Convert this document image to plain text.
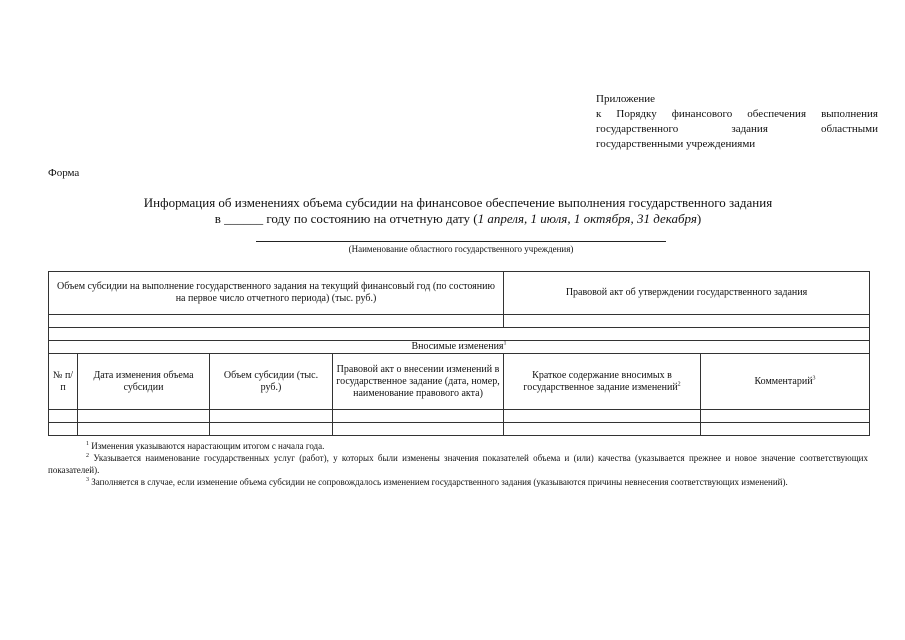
Приложение
к Порядку финансового обеспечения выполнения
государственного	задания	областными
государственными учреждениями
Форма
Информация об изменениях объема субсидии на финансовое обеспечение выполнения государственного задания
в ______ году по состоянию на отчетную дату (1 апреля, 1 июля, 1 октября, 31 декабря)
(Наименование областного государственного учреждения)
Объем субсидии на выполнение государственного задания на текущий финансовый год (по состоянию на первое число отчетного периода) (тыс. руб.)				Правовой акт об утверждении государственного задания	

Вносимые изменения$^1$
№ п/п	Дата изменения объема субсидии	Объем субсидии (тыс. руб.)	Правовой акт о внесении изменений в государственное задание (дата, номер, наименование правового акта)	Краткое содержание вносимых в государственное задание изменений$^2$	Комментарий$^3$

$^1$ Изменения указываются нарастающим итогом с начала года.

$^2$ Указывается наименование государственных услуг (работ), у которых были изменены значения показателей объема и (или) качества (указывается прежнее и новое значение соответствующих показателей).

$^3$ Заполняется в случае, если изменение объема субсидии не сопровождалось изменением государственного задания (указываются причины невнесения соответствующих изменений).
